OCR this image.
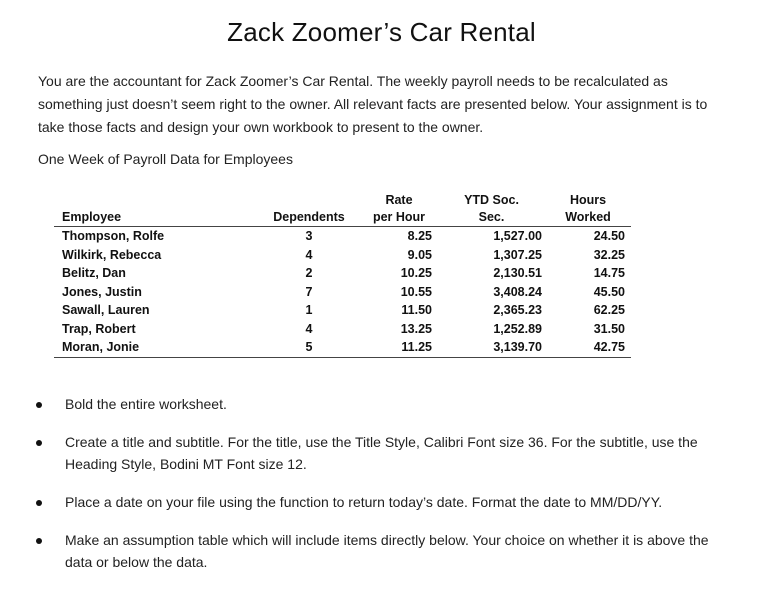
Zack Zoomer’s Car Rental
You are the accountant for Zack Zoomer’s Car Rental. The weekly payroll needs to be recalculated as something just doesn’t seem right to the owner. All relevant facts are presented below. Your assignment is to take those facts and design your own workbook to present to the owner.
One Week of Payroll Data for Employees
		Rate	YTD Soc.	Hours
Employee	Dependents	per Hour	Sec.	Worked
Thompson, Rolfe	3	8.25	1,527.00	24.50
Wilkirk, Rebecca	4	9.05	1,307.25	32.25
Belitz, Dan	2	10.25	2,130.51	14.75
Jones, Justin	7	10.55	3,408.24	45.50
Sawall, Lauren	1	11.50	2,365.23	62.25
Trap, Robert	4	13.25	1,252.89	31.50
Moran, Jonie	5	11.25	3,139.70	42.75
Bold the entire worksheet.
Create a title and subtitle. For the title, use the Title Style, Calibri Font size 36. For the subtitle, use the Heading Style, Bodini MT Font size 12.
Place a date on your file using the function to return today’s date. Format the date to MM/DD/YY.
Make an assumption table which will include items directly below. Your choice on whether it is above the data or below the data.
